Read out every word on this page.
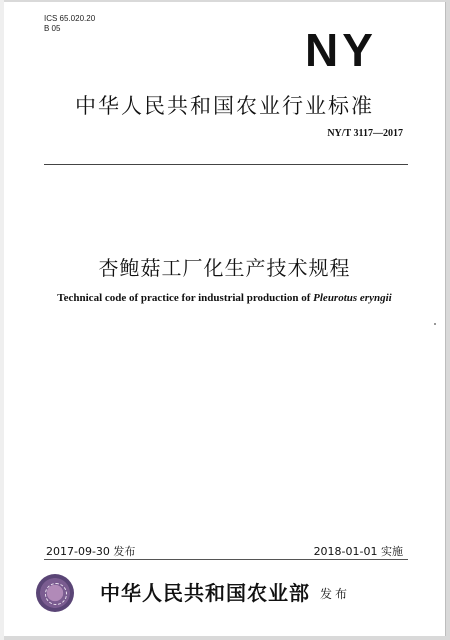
ICS 65.020.20
B 05	NY
中华人民共和国农业行业标准
NY/T 3117—2017
杏鲍菇工厂化生产技术规程
Technical code of practice for industrial production of Pleurotus eryngii
2017-09-30 发布	2018-01-01 实施
中华人民共和国农业部 发布
